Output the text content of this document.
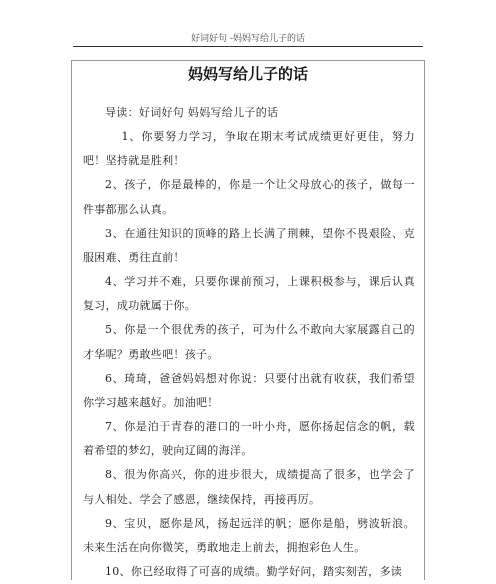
好词好句 -妈妈写给儿子的话
妈妈写给儿子的话

导读：好词好句 妈妈写给儿子的话

1、你要努力学习，争取在期末考试成绩更好更佳，努力吧！坚持就是胜利！

2、孩子，你是最棒的，你是一个让父母放心的孩子，做每一件事都那么认真。

3、在通往知识的顶峰的路上长满了荆棘，望你不畏艰险、克服困难、勇往直前！

4、学习并不难，只要你课前预习，上课积极参与，课后认真复习，成功就属于你。

5、你是一个很优秀的孩子，可为什么不敢向大家展露自己的才华呢？勇敢些吧！孩子。

6、琦琦，爸爸妈妈想对你说：只要付出就有收获，我们希望你学习越来越好。加油吧！

7、你是泊于青春的港口的一叶小舟，愿你扬起信念的帆，载着希望的梦幻，驶向辽阔的海洋。

8、很为你高兴，你的进步很大，成绩提高了很多，也学会了与人相处、学会了感恩，继续保持，再接再厉。

9、宝贝，愿你是风，扬起远洋的帆；愿你是船，劈波斩浪。未来生活在向你微笑，勇敢地走上前去，拥抱彩色人生。

10、你已经取得了可喜的成绩。勤学好问，踏实刻苦，多读
